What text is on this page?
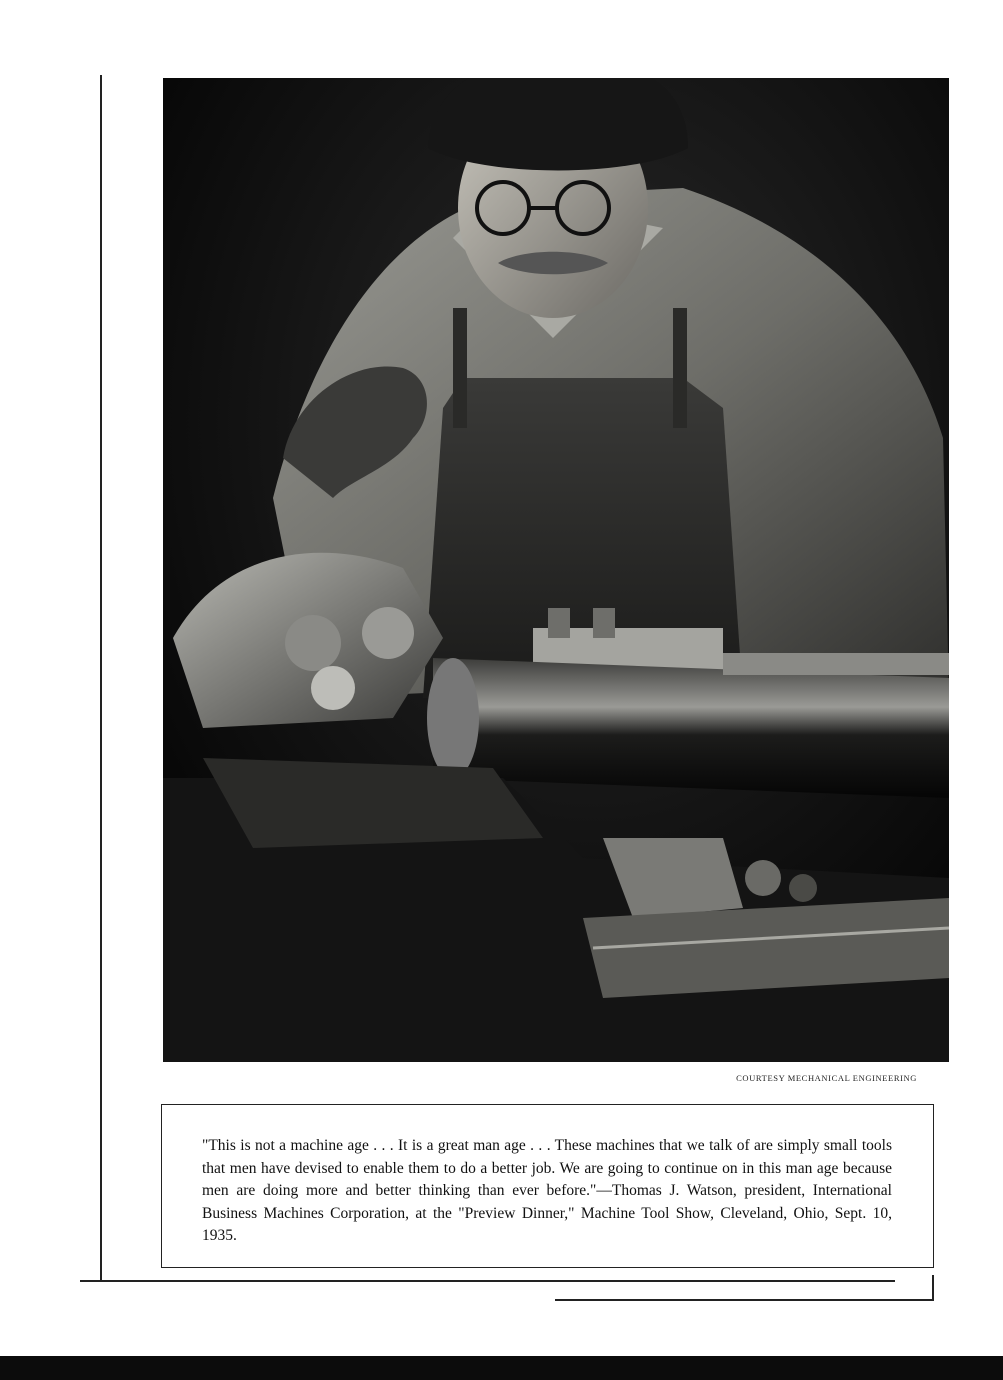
COURTESY MECHANICAL ENGINEERING

"This is not a machine age . . . It is a great man age . . . These machines that we talk of are simply small tools that men have devised to enable them to do a better job. We are going to continue on in this man age because men are doing more and better thinking than ever before."—Thomas J. Watson, president, International Business Machines Corporation, at the "Preview Dinner," Machine Tool Show, Cleveland, Ohio, Sept. 10, 1935.
